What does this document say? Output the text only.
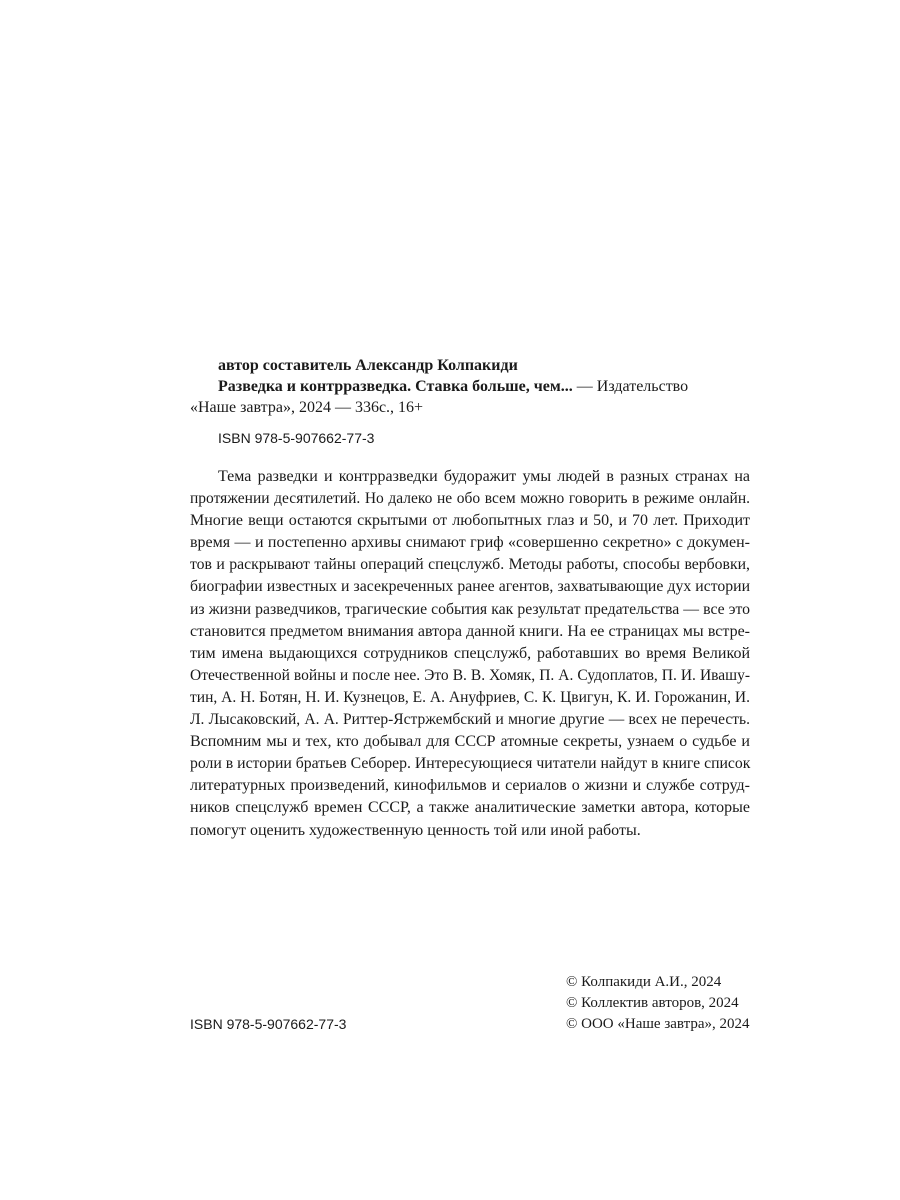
автор составитель Александр Колпакиди
Разведка и контрразведка. Ставка больше, чем... — Издательство
«Наше завтра», 2024 — 336с., 16+
ISBN 978-5-907662-77-3
Тема разведки и контрразведки будоражит умы людей в разных странах на
протяжении десятилетий. Но далеко не обо всем можно говорить в режиме онлайн.
Многие вещи остаются скрытыми от любопытных глаз и 50, и 70 лет. Приходит
время — и постепенно архивы снимают гриф «совершенно секретно» с докумен-
тов и раскрывают тайны операций спецслужб. Методы работы, способы вербовки,
биографии известных и засекреченных ранее агентов, захватывающие дух истории
из жизни разведчиков, трагические события как результат предательства — все это
становится предметом внимания автора данной книги. На ее страницах мы встре-
тим имена выдающихся сотрудников спецслужб, работавших во время Великой
Отечественной войны и после нее. Это В. В. Хомяк, П. А. Судоплатов, П. И. Ивашу-
тин, А. Н. Ботян, Н. И. Кузнецов, Е. А. Ануфриев, С. К. Цвигун, К. И. Горожанин, И.
Л. Лысаковский, А. А. Риттер-Ястржембский и многие другие — всех не перечесть.
Вспомним мы и тех, кто добывал для СССР атомные секреты, узнаем о судьбе и
роли в истории братьев Себорер. Интересующиеся читатели найдут в книге список
литературных произведений, кинофильмов и сериалов о жизни и службе сотруд-
ников спецслужб времен СССР, а также аналитические заметки автора, которые
помогут оценить художественную ценность той или иной работы.
© Колпакиди А.И., 2024
© Коллектив авторов, 2024
© ООО «Наше завтра», 2024
ISBN 978-5-907662-77-3
